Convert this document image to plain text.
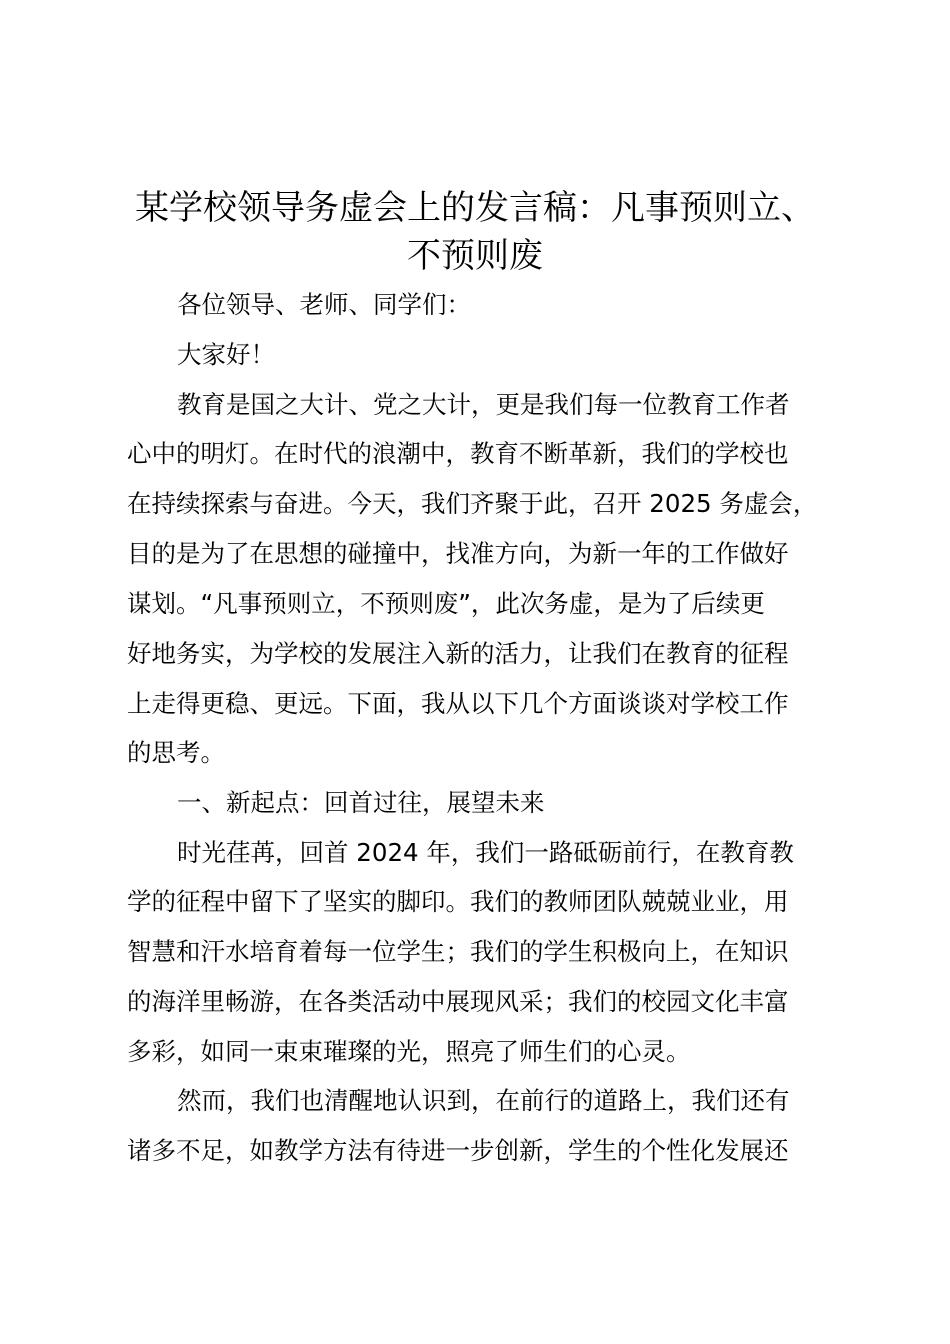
某学校领导务虚会上的发言稿：凡事预则立、
不预则废

各位领导、老师、同学们：

大家好！

教育是国之大计、党之大计，更是我们每一位教育工作者

心中的明灯。在时代的浪潮中，教育不断革新，我们的学校也

在持续探索与奋进。今天，我们齐聚于此，召开 2025 务虚会，

目的是为了在思想的碰撞中，找准方向，为新一年的工作做好

谋划。“凡事预则立，不预则废”，此次务虚，是为了后续更

好地务实，为学校的发展注入新的活力，让我们在教育的征程

上走得更稳、更远。下面，我从以下几个方面谈谈对学校工作

的思考。

一、新起点：回首过往，展望未来

时光荏苒，回首 2024 年，我们一路砥砺前行，在教育教

学的征程中留下了坚实的脚印。我们的教师团队兢兢业业，用

智慧和汗水培育着每一位学生；我们的学生积极向上，在知识

的海洋里畅游，在各类活动中展现风采；我们的校园文化丰富

多彩，如同一束束璀璨的光，照亮了师生们的心灵。

然而，我们也清醒地认识到，在前行的道路上，我们还有

诸多不足，如教学方法有待进一步创新，学生的个性化发展还
